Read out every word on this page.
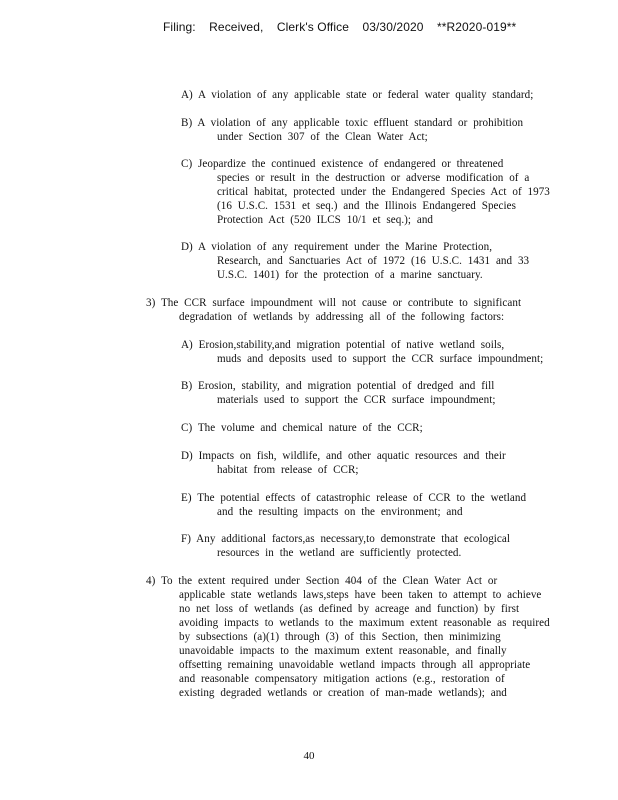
Filing: Received, Clerk's Office 03/30/2020 **R2020-019**
A) A violation of any applicable state or federal water quality standard;
B) A violation of any applicable toxic effluent standard or prohibition
under Section 307 of the Clean Water Act;
C) Jeopardize the continued existence of endangered or threatened
species or result in the destruction or adverse modification of a
critical habitat, protected under the Endangered Species Act of 1973
(16 U.S.C. 1531 et seq.) and the Illinois Endangered Species
Protection Act (520 ILCS 10/1 et seq.); and
D) A violation of any requirement under the Marine Protection,
Research, and Sanctuaries Act of 1972 (16 U.S.C. 1431 and 33
U.S.C. 1401) for the protection of a marine sanctuary.
3) The CCR surface impoundment will not cause or contribute to significant
degradation of wetlands by addressing all of the following factors:
A) Erosion,stability,and migration potential of native wetland soils,
muds and deposits used to support the CCR surface impoundment;
B) Erosion, stability, and migration potential of dredged and fill
materials used to support the CCR surface impoundment;
C) The volume and chemical nature of the CCR;
D) Impacts on fish, wildlife, and other aquatic resources and their
habitat from release of CCR;
E) The potential effects of catastrophic release of CCR to the wetland
and the resulting impacts on the environment; and
F) Any additional factors,as necessary,to demonstrate that ecological
resources in the wetland are sufficiently protected.
4) To the extent required under Section 404 of the Clean Water Act or
applicable state wetlands laws,steps have been taken to attempt to achieve
no net loss of wetlands (as defined by acreage and function) by first
avoiding impacts to wetlands to the maximum extent reasonable as required
by subsections (a)(1) through (3) of this Section, then minimizing
unavoidable impacts to the maximum extent reasonable, and finally
offsetting remaining unavoidable wetland impacts through all appropriate
and reasonable compensatory mitigation actions (e.g., restoration of
existing degraded wetlands or creation of man-made wetlands); and
40
